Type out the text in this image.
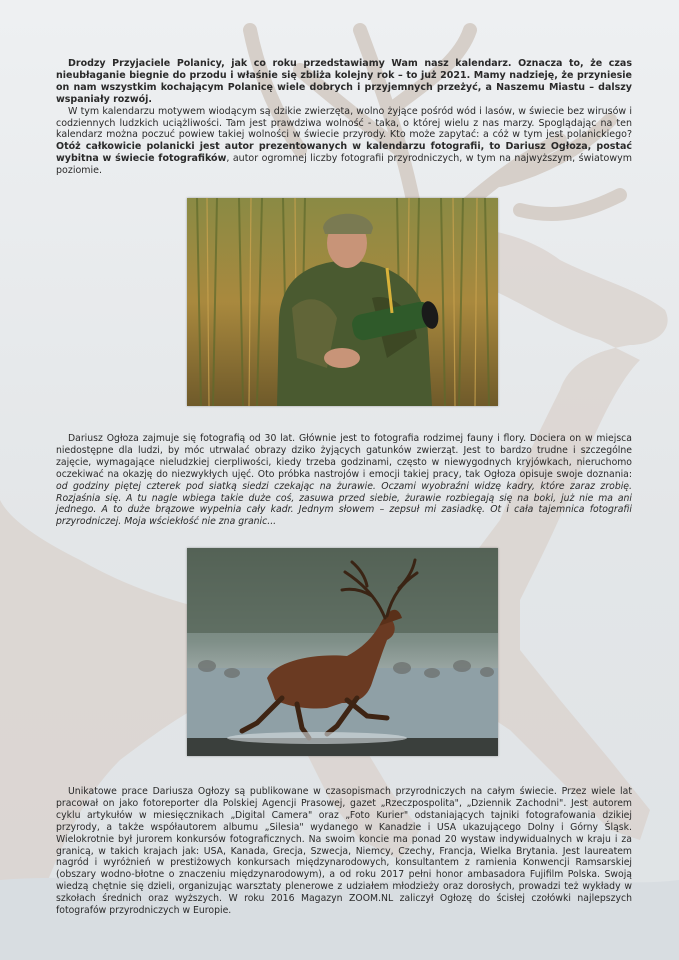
Drodzy Przyjaciele Polanicy, jak co roku przedstawiamy Wam nasz kalendarz. Oznacza to, że czas nieubłaganie biegnie do przodu i właśnie się zbliża kolejny rok – to już 2021. Mamy nadzieję, że przyniesie on nam wszystkim kochającym Polanicę wiele dobrych i przyjemnych przeżyć, a Naszemu Miastu – dalszy wspaniały rozwój.

W tym kalendarzu motywem wiodącym są dzikie zwierzęta, wolno żyjące pośród wód i lasów, w świecie bez wirusów i codziennych ludzkich uciążliwości. Tam jest prawdziwa wolność - taka, o której wielu z nas marzy. Spoglądając na ten kalendarz można poczuć powiew takiej wolności w świecie przyrody. Kto może zapytać: a cóż w tym jest polanickiego? Otóż całkowicie polanicki jest autor prezentowanych w kalendarzu fotografii, to Dariusz Ogłoza, postać wybitna w świecie fotografików, autor ogromnej liczby fotografii przyrodniczych, w tym na najwyższym, światowym poziomie.

Dariusz Ogłoza zajmuje się fotografią od 30 lat. Głównie jest to fotografia rodzimej fauny i flory. Dociera on w miejsca niedostępne dla ludzi, by móc utrwalać obrazy dziko żyjących gatunków zwierząt. Jest to bardzo trudne i szczególne zajęcie, wymagające nieludzkiej cierpliwości, kiedy trzeba godzinami, często w niewygodnych kryjówkach, nieruchomo oczekiwać na okazję do niezwykłych ujęć. Oto próbka nastrojów i emocji takiej pracy, tak Ogłoza opisuje swoje doznania: od godziny piętej czterek pod siatką siedzi czekając na żurawie. Oczami wyobraźni widzę kadry, które zaraz zrobię. Rozjaśnia się. A tu nagle wbiega takie duże coś, zasuwa przed siebie, żurawie rozbiegają się na boki, już nie ma ani jednego. A to duże brązowe wypełnia cały kadr. Jednym słowem – zepsuł mi zasiadkę. Ot i cała tajemnica fotografii przyrodniczej. Moja wściekłość nie zna granic...

Unikatowe prace Dariusza Ogłozy są publikowane w czasopismach przyrodniczych na całym świecie. Przez wiele lat pracował on jako fotoreporter dla Polskiej Agencji Prasowej, gazet „Rzeczpospolita", „Dziennik Zachodni". Jest autorem cyklu artykułów w miesięcznikach „Digital Camera" oraz „Foto Kurier" odstaniających tajniki fotografowania dzikiej przyrody, a także współautorem albumu „Silesia" wydanego w Kanadzie i USA ukazującego Dolny i Górny Śląsk. Wielokrotnie był jurorem konkursów fotograficznych. Na swoim koncie ma ponad 20 wystaw indywidualnych w kraju i za granicą, w takich krajach jak: USA, Kanada, Grecja, Szwecja, Niemcy, Czechy, Francja, Wielka Brytania. Jest laureatem nagród i wyróżnień w prestiżowych konkursach międzynarodowych, konsultantem z ramienia Konwencji Ramsarskiej (obszary wodno-błotne o znaczeniu międzynarodowym), a od roku 2017 pełni honor ambasadora Fujifilm Polska. Swoją wiedzą chętnie się dzieli, organizując warsztaty plenerowe z udziałem młodzieży oraz dorosłych, prowadzi też wykłady w szkołach średnich oraz wyższych. W roku 2016 Magazyn ZOOM.NL zaliczył Ogłozę do ścisłej czołówki najlepszych fotografów przyrodniczych w Europie.
